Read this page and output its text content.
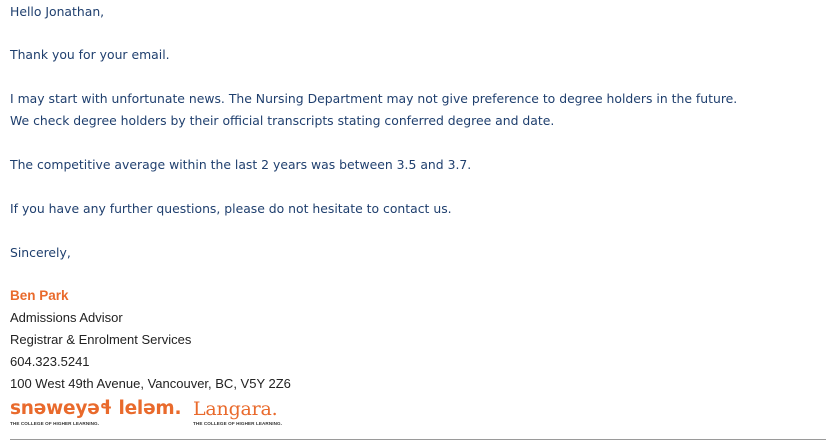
Hello Jonathan,
Thank you for your email.
I may start with unfortunate news. The Nursing Department may not give preference to degree holders in the future.
We check degree holders by their official transcripts stating conferred degree and date.
The competitive average within the last 2 years was between 3.5 and 3.7.
If you have any further questions, please do not hesitate to contact us.
Sincerely,
Ben Park
Admissions Advisor
Registrar & Enrolment Services
604.323.5241
100 West 49th Avenue, Vancouver, BC, V5Y 2Z6
snəweyəɬ leləm.
THE COLLEGE OF HIGHER LEARNING.
Langara.
THE COLLEGE OF HIGHER LEARNING.
